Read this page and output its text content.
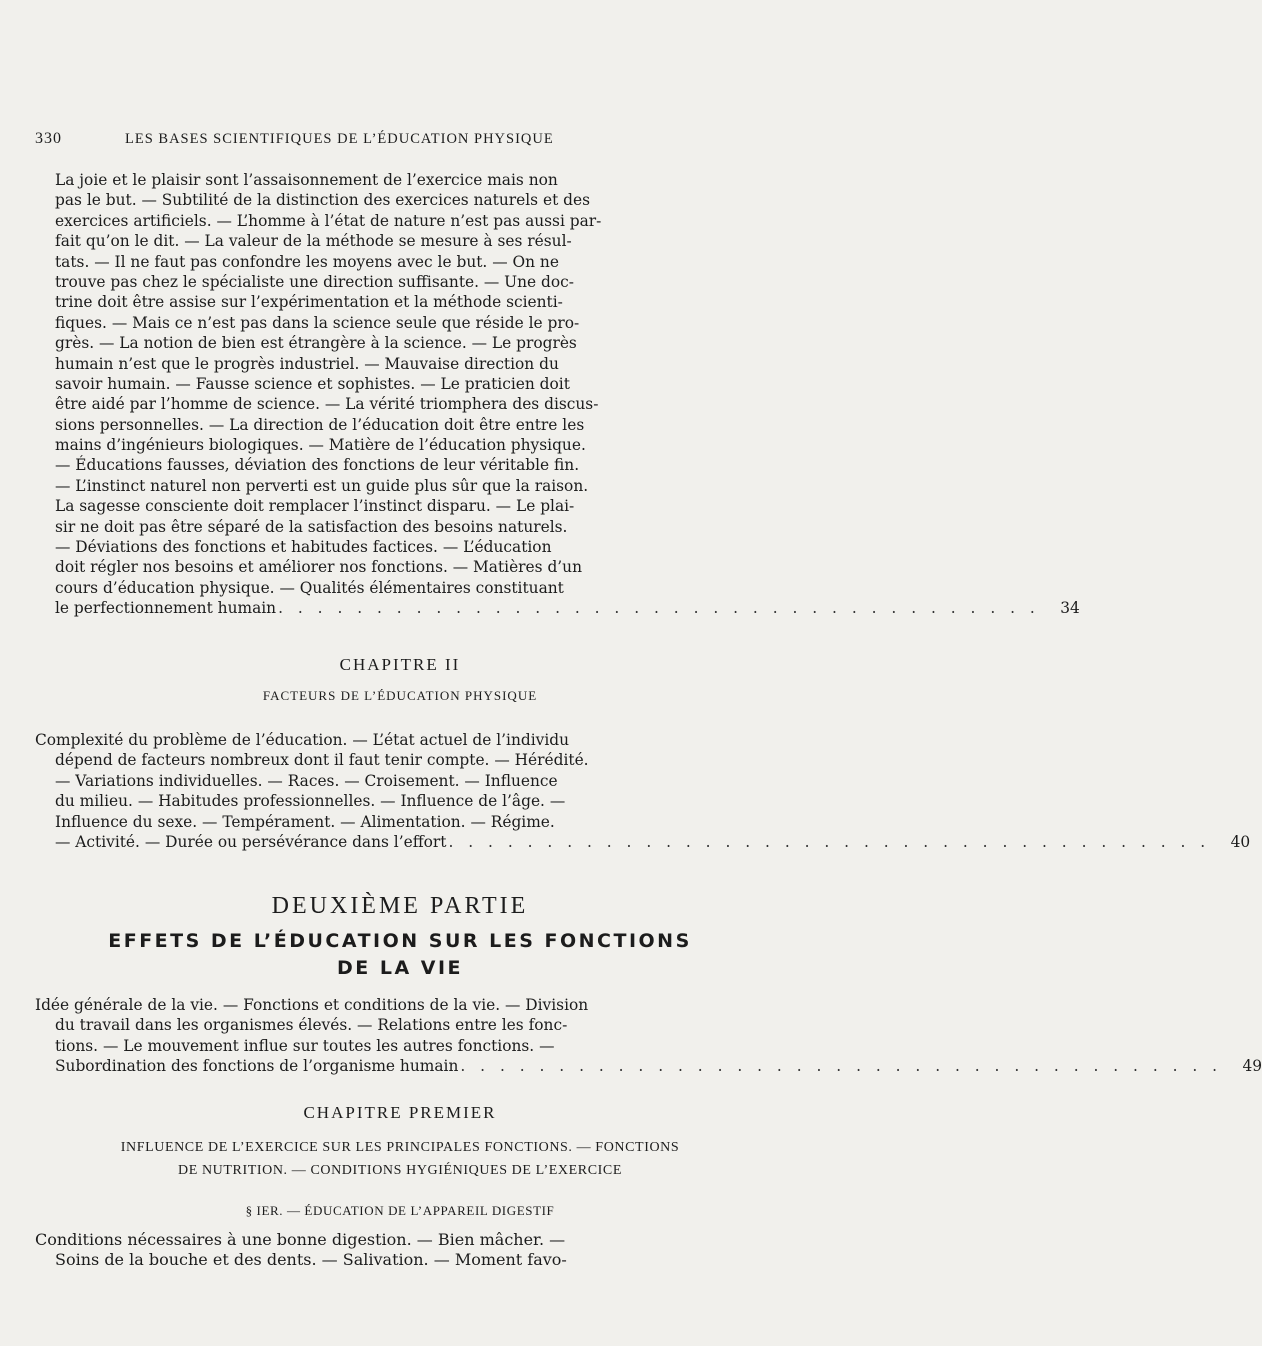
330	LES BASES SCIENTIFIQUES DE L’ÉDUCATION PHYSIQUE
La joie et le plaisir sont l’assaisonnement de l’exercice mais non
pas le but. — Subtilité de la distinction des exercices naturels et des
exercices artificiels. — L’homme à l’état de nature n’est pas aussi par-
fait qu’on le dit. — La valeur de la méthode se mesure à ses résul-
tats. — Il ne faut pas confondre les moyens avec le but. — On ne
trouve pas chez le spécialiste une direction suffisante. — Une doc-
trine doit être assise sur l’expérimentation et la méthode scienti-
fiques. — Mais ce n’est pas dans la science seule que réside le pro-
grès. — La notion de bien est étrangère à la science. — Le progrès
humain n’est que le progrès industriel. — Mauvaise direction du
savoir humain. — Fausse science et sophistes. — Le praticien doit
être aidé par l’homme de science. — La vérité triomphera des discus-
sions personnelles. — La direction de l’éducation doit être entre les
mains d’ingénieurs biologiques. — Matière de l’éducation physique.
— Éducations fausses, déviation des fonctions de leur véritable fin.
— L’instinct naturel non perverti est un guide plus sûr que la raison.
La sagesse consciente doit remplacer l’instinct disparu. — Le plai-
sir ne doit pas être séparé de la satisfaction des besoins naturels.
— Déviations des fonctions et habitudes factices. — L’éducation
doit régler nos besoins et améliorer nos fonctions. — Matières d’un
cours d’éducation physique. — Qualités élémentaires constituant
le perfectionnement humain . . . . . . . . . . . . . . . . . . . . . . . . . . . . . . . . . . . . . . .	34
CHAPITRE II
FACTEURS DE L’ÉDUCATION PHYSIQUE
Complexité du problème de l’éducation. — L’état actuel de l’individu
dépend de facteurs nombreux dont il faut tenir compte. — Hérédité.
— Variations individuelles. — Races. — Croisement. — Influence
du milieu. — Habitudes professionnelles. — Influence de l’âge. —
Influence du sexe. — Tempérament. — Alimentation. — Régime.
— Activité. — Durée ou persévérance dans l’effort . . . . . . . . . . . . . . . . . . . . . . . . . . . . . . . . . . . . . . .	40
DEUXIÈME PARTIE
EFFETS DE L’ÉDUCATION SUR LES FONCTIONS
DE LA VIE
Idée générale de la vie. — Fonctions et conditions de la vie. — Division
du travail dans les organismes élevés. — Relations entre les fonc-
tions. — Le mouvement influe sur toutes les autres fonctions. —
Subordination des fonctions de l’organisme humain . . . . . . . . . . . . . . . . . . . . . . . . . . . . . . . . . . . . . . .	49
CHAPITRE PREMIER
INFLUENCE DE L’EXERCICE SUR LES PRINCIPALES FONCTIONS. — FONCTIONS
DE NUTRITION. — CONDITIONS HYGIÉNIQUES DE L’EXERCICE
§ IER. — ÉDUCATION DE L’APPAREIL DIGESTIF
Conditions nécessaires à une bonne digestion. — Bien mâcher. —
Soins de la bouche et des dents. — Salivation. — Moment favo-
